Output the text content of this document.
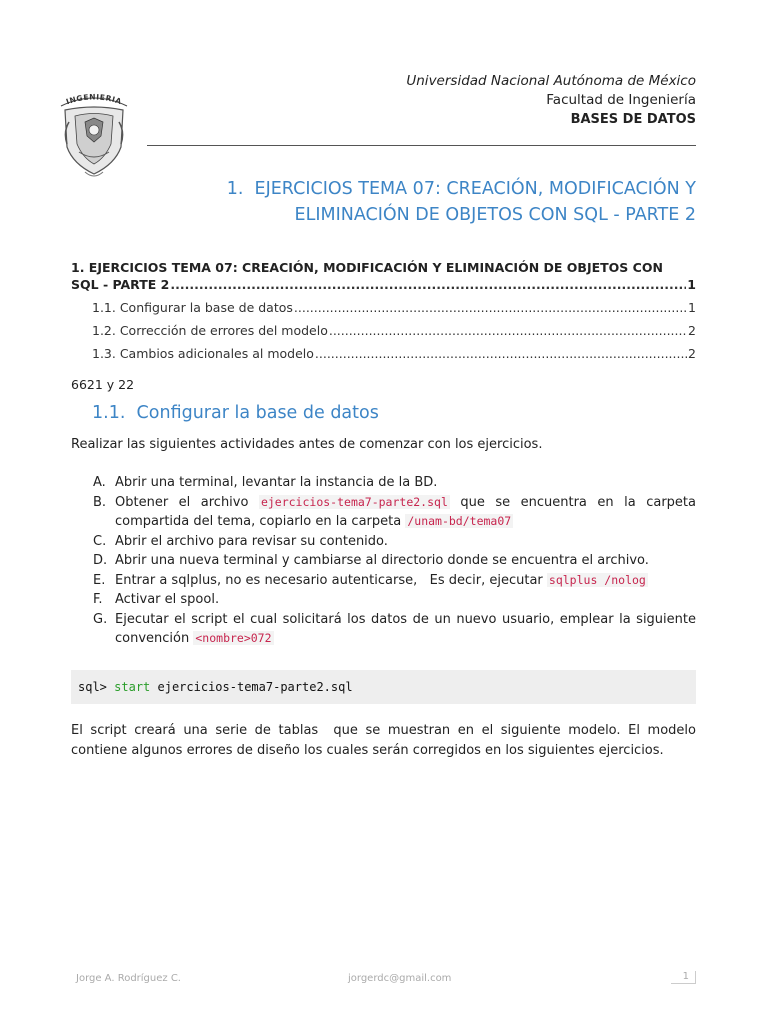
INGENIERIA
Universidad Nacional Autónoma de México
Facultad de Ingeniería
BASES DE DATOS
1. EJERCICIOS TEMA 07: CREACIÓN, MODIFICACIÓN Y ELIMINACIÓN DE OBJETOS CON SQL - PARTE 2
1. EJERCICIOS TEMA 07: CREACIÓN, MODIFICACIÓN Y ELIMINACIÓN DE OBJETOS CON
SQL - PARTE 2 .....	1
1.1. Configurar la base de datos .....	1
1.2. Corrección de errores del modelo .....	2
1.3. Cambios adicionales al modelo .....	2
6621 y 22
1.1. Configurar la base de datos
Realizar las siguientes actividades antes de comenzar con los ejercicios.
A. Abrir una terminal, levantar la instancia de la BD.
B. Obtener el archivo ejercicios-tema7-parte2.sql que se encuentra en la carpeta compartida del tema, copiarlo en la carpeta /unam-bd/tema07
C. Abrir el archivo para revisar su contenido.
D. Abrir una nueva terminal y cambiarse al directorio donde se encuentra el archivo.
E. Entrar a sqlplus, no es necesario autenticarse,   Es decir, ejecutar sqlplus /nolog
F. Activar el spool.
G. Ejecutar el script el cual solicitará los datos de un nuevo usuario, emplear la siguiente convención <nombre>072
sql> start ejercicios-tema7-parte2.sql
El script creará una serie de tablas  que se muestran en el siguiente modelo. El modelo contiene algunos errores de diseño los cuales serán corregidos en los siguientes ejercicios.
Jorge A. Rodríguez C.	jorgerdc@gmail.com	1
